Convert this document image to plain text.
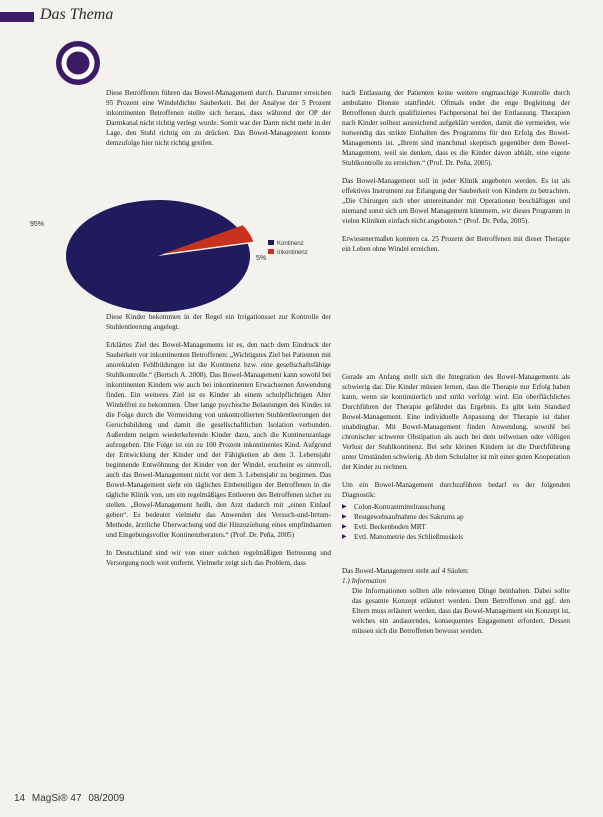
Das Thema

Diese Betroffenen führen das Bowel-Management durch. Darunter erreichen 95 Prozent eine Windeldichte Sauberkeit. Bei der Analyse der 5 Prozent inkontinenten Betroffenen stellte sich heraus, dass während der OP der Darmkanal nicht richtig verlegt wurde. Somit war der Darm nicht mehr in der Lage, den Stuhl richtig ein zu drücken. Das Bowel-Management konnte demzufolge hier nicht richtig greifen.

95%
5%
Kontinenz
Inkontinenz

Diese Kinder bekommen in der Regel ein Irrigationsset zur Kontrolle der Stuhlentleerung angelegt.

Erklärtes Ziel des Bowel-Managements ist es, den nach dem Eindruck der Sauberkeit vor inkontinenten Betroffenen: „Wichtigstes Ziel bei Patienten mit anorektalen Fehlbildungen ist die Kontinenz bzw. eine gesellschaftsfähige Stuhlkontrolle.“ (Bertsch A. 2008). Das Bowel-Management kann sowohl bei inkontinenten Kindern wie auch bei inkontinenten Erwachsenen Anwendung finden. Ein weiteres Ziel ist es Kinder ab einem schulpflichtigen Alter Windelfrei zu bekommen. Über lange psychische Belastungen des Kindes ist die Folge durch die Vermeidung von unkontrollierten Stuhlentleerungen der Geruchsbildung und damit die gesellschaftlichen Isolation verbunden. Außerdem neigen wiederkehrende Kinder dazu, auch die Kontinenzanlage aufzugeben. Die Folge ist ein zu 100 Prozent inkontinentes Kind. Aufgrund der Entwicklung der Kinder und der Fähigkeiten ab dem 3. Lebensjahr beginnende Entwöhnung der Kinder von der Windel, erscheint es sinnvoll, auch das Bowel-Management nicht vor dem 3. Lebensjahr zu beginnen. Das Bowel-Management sieht ein tägliches Einbeteiligen der Betroffenen in die tägliche Klinik von, um ein regelmäßiges Entleeren des Betroffenen sicher zu stellen. „Bowel-Management heißt, den Arzt dadurch mit „einen Einlauf geben“. Es bedeutet vielmehr das Anwenden des Versuch-und-Irrtum-Methode, ärztliche Überwachung und die Hinzuziehung eines empfindsamen und Eingebungsvoller Kontinenzberaters.“ (Prof. Dr. Peña, 2005)

In Deutschland sind wir von einer solchen regelmäßigen Betreuung und Versorgung noch weit entfernt. Vielmehr zeigt sich das Problem, dass

nach Entlassung der Patienten keine weitere engmaschige Kontrolle durch ambulante Dienste stattfindet. Oftmals endet die enge Begleitung der Betroffenen durch qualifiziertes Fachpersonal bei der Entlassung. Therapien nach Kinder solltest ausreichend aufgeklärt werden, damit die vermeiden, wie notwendig das strikte Einhalten des Programms für den Erfolg des Bowel-Managements ist. „Ihrem sind manchmal skeptisch gegenüber dem Bowel-Management, weil sie denken, dass es die Kinder davon abhält, eine eigene Stuhlkontrolle zu erreichen.“ (Prof. Dr. Peña, 2005).

Das Bowel-Management soll in jeder Klinik angeboten werden. Es ist als effektives Instrument zur Erlangung der Sauberkeit von Kindern zu betrachten. „Die Chirurgen sich eher untereinander mit Operationen beschäftigen und niemand sonst sich um Bowel Management kümmern, wir dieses Programm in vielen Kliniken einfach nicht angeboten.“ (Prof. Dr. Peña, 2005).

Erwiesenermaßen konnten ca. 25 Prozent der Betroffenen mit dieser Therapie ein Leben ohne Windel erreichen.

Gerade am Anfang stellt sich die Integration des Bowel-Managements als schwierig dar. Die Kinder müssen lernen, dass die Therapie nur Erfolg haben kann, wenn sie kontinuierlich und strikt verfolgt wird. Ein oberflächliches Durchführen der Therapie gefährdet das Ergebnis. Es gibt kein Standard Bowel-Management. Eine individuelle Anpassung der Therapie ist daher unabdingbar. Mit Bowel-Management finden Anwendung, sowohl bei chronischer schwerer Obstipation als auch bei dem teilweisen oder völligen Verlust der Stuhlkontinenz. Bei sehr kleinen Kindern ist die Durchführung unter Umständen schwierig. Ab dem Schulalter ist mit einer guten Kooperation der Kinder zu rechnen.

Um ein Bowel-Management durchzuführen bedarf es der folgenden Diagnostik:

▶ Colon-Kontrastmittelrauschung
▶ Restgewebsaufnahme des Sakrums ap
▶ Evtl. Beckenboden MRT
▶ Evtl. Manometrie des Schließmuskels

Das Bowel-Management steht auf 4 Säulen:

1.) Information

Die Informationen sollten alle relevanten Dinge beinhalten. Dabei sollte das gesamte Konzept erläutert werden. Dem Betroffenen und ggf. den Eltern muss erläutert werden, dass das Bowel-Management ein Konzept ist, welches ein andauerndes, konsequentes Engagement erfordert. Dessen müssen sich die Betroffenen bewusst werden.

14 MagSi® 47 08/2009
